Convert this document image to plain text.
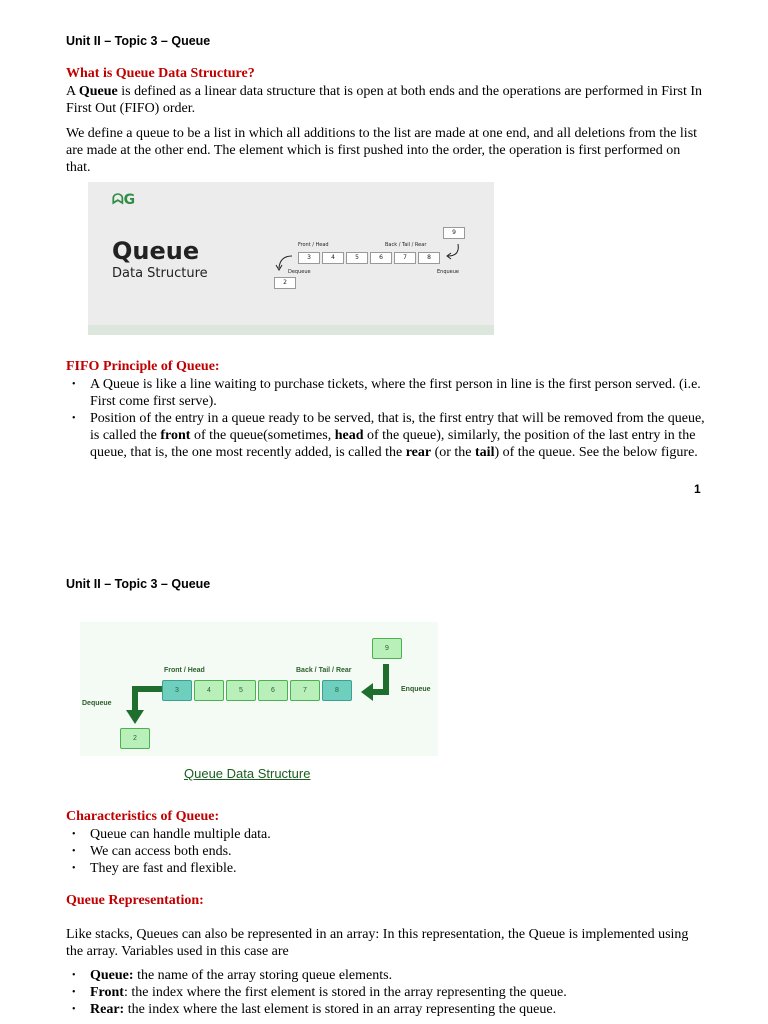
Unit II – Topic 3 – Queue
What is Queue Data Structure?
A Queue is defined as a linear data structure that is open at both ends and the operations are performed in First In First Out (FIFO) order.
We define a queue to be a list in which all additions to the list are made at one end, and all deletions from the list are made at the other end. The element which is first pushed into the order, the operation is first performed on that.
ᗣG
Queue
Data Structure
Front / Head	Back / Tail / Rear
9
3	4	5	6	7	8
Dequeue	Enqueue
2
FIFO Principle of Queue:
• A Queue is like a line waiting to purchase tickets, where the first person in line is the first person served. (i.e. First come first serve).
• Position of the entry in a queue ready to be served, that is, the first entry that will be removed from the queue, is called the front of the queue(sometimes, head of the queue), similarly, the position of the last entry in the queue, that is, the one most recently added, is called the rear (or the tail) of the queue. See the below figure.
1
Unit II – Topic 3 – Queue
Front / Head	Back / Tail / Rear
9
3	4	5	6	7	8
Dequeue
Enqueue
2
Queue Data Structure
Characteristics of Queue:
• Queue can handle multiple data.
• We can access both ends.
• They are fast and flexible.
Queue Representation:
Like stacks, Queues can also be represented in an array: In this representation, the Queue is implemented using the array. Variables used in this case are
• Queue: the name of the array storing queue elements.
• Front: the index where the first element is stored in the array representing the queue.
• Rear: the index where the last element is stored in an array representing the queue.
